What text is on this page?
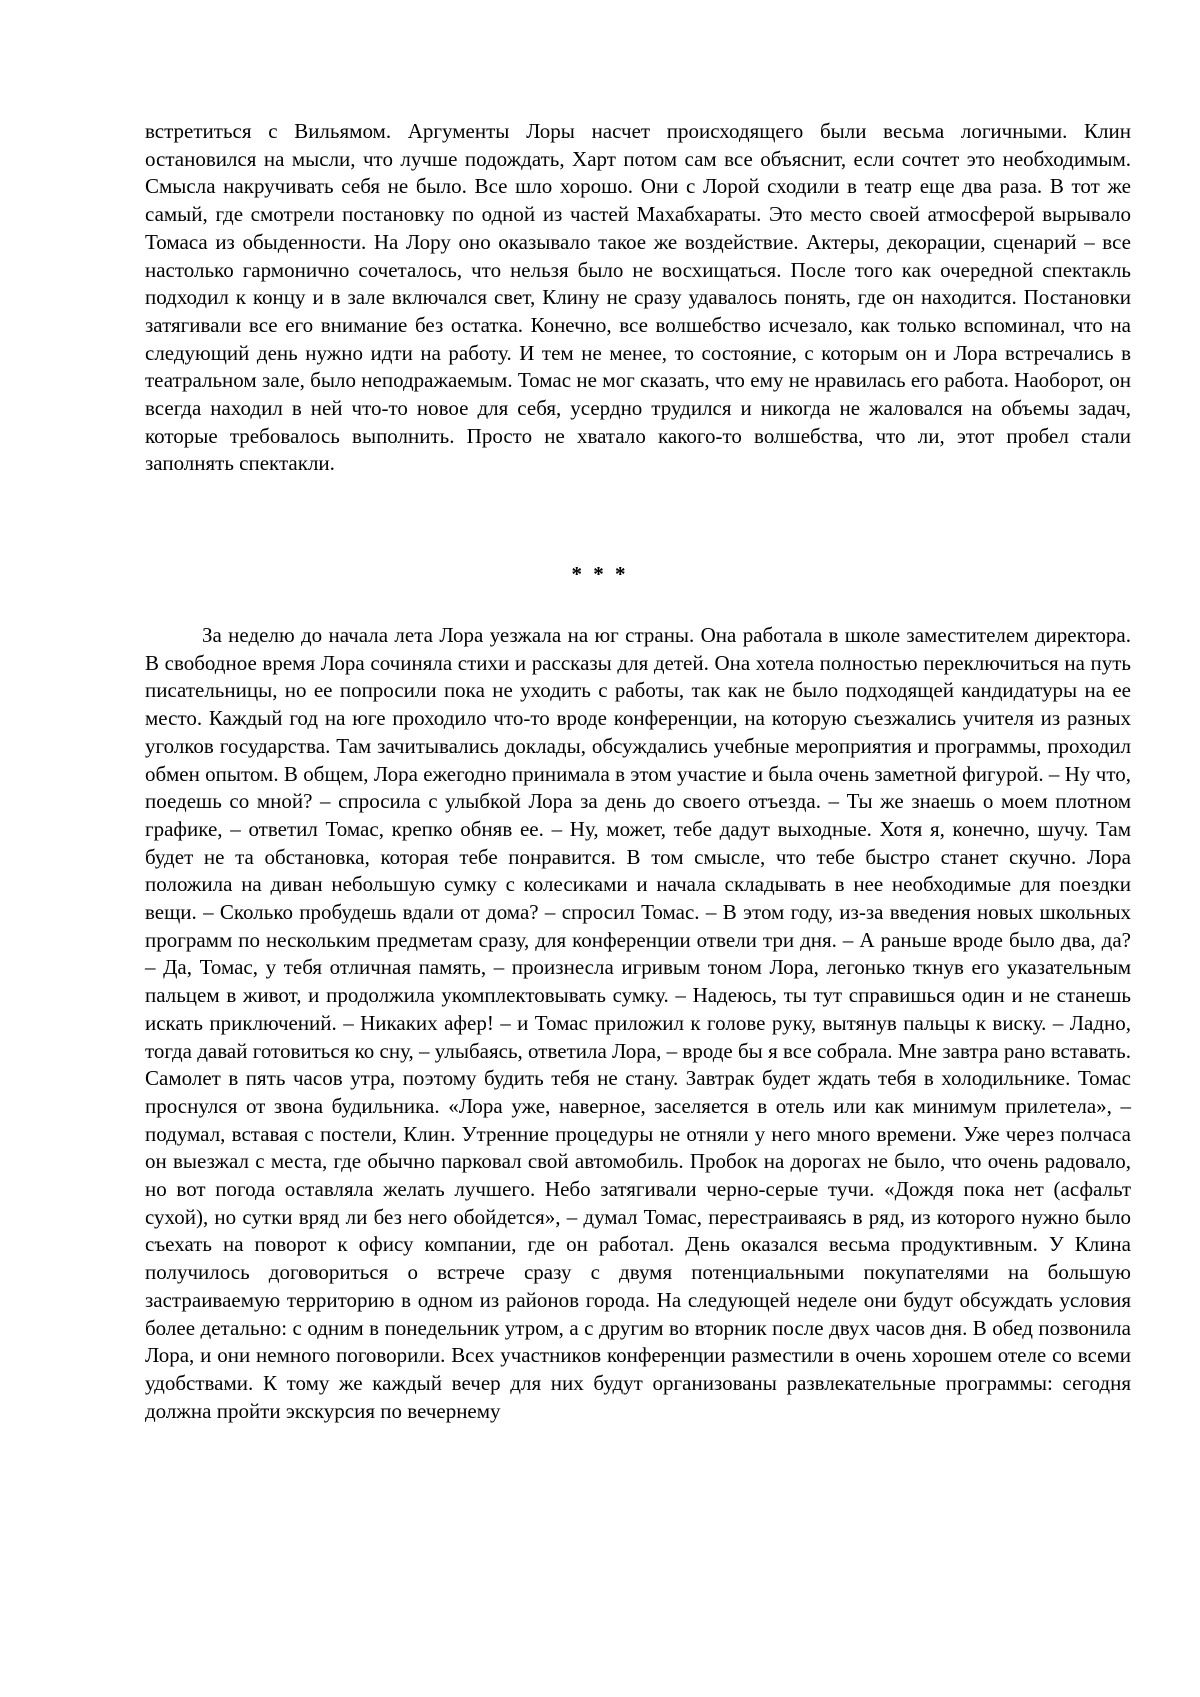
встретиться с Вильямом. Аргументы Лоры насчет происходящего были весьма логичными. Клин остановился на мысли, что лучше подождать, Харт потом сам все объяснит, если сочтет это необходимым. Смысла накручивать себя не было. Все шло хорошо. Они с Лорой сходили в театр еще два раза. В тот же самый, где смотрели постановку по одной из частей Махабхараты. Это место своей атмосферой вырывало Томаса из обыденности. На Лору оно оказывало такое же воздействие. Актеры, декорации, сценарий – все настолько гармонично сочеталось, что нельзя было не восхищаться. После того как очередной спектакль подходил к концу и в зале включался свет, Клину не сразу удавалось понять, где он находится. Постановки затягивали все его внимание без остатка. Конечно, все волшебство исчезало, как только вспоминал, что на следующий день нужно идти на работу. И тем не менее, то состояние, с которым он и Лора встречались в театральном зале, было неподражаемым. Томас не мог сказать, что ему не нравилась его работа. Наоборот, он всегда находил в ней что-то новое для себя, усердно трудился и никогда не жаловался на объемы задач, которые требовалось выполнить. Просто не хватало какого-то волшебства, что ли, этот пробел стали заполнять спектакли.

* * *

За неделю до начала лета Лора уезжала на юг страны. Она работала в школе заместителем директора. В свободное время Лора сочиняла стихи и рассказы для детей. Она хотела полностью переключиться на путь писательницы, но ее попросили пока не уходить с работы, так как не было подходящей кандидатуры на ее место. Каждый год на юге проходило что-то вроде конференции, на которую съезжались учителя из разных уголков государства. Там зачитывались доклады, обсуждались учебные мероприятия и программы, проходил обмен опытом. В общем, Лора ежегодно принимала в этом участие и была очень заметной фигурой. – Ну что, поедешь со мной? – спросила с улыбкой Лора за день до своего отъезда. – Ты же знаешь о моем плотном графике, – ответил Томас, крепко обняв ее. – Ну, может, тебе дадут выходные. Хотя я, конечно, шучу. Там будет не та обстановка, которая тебе понравится. В том смысле, что тебе быстро станет скучно. Лора положила на диван небольшую сумку с колесиками и начала складывать в нее необходимые для поездки вещи. – Сколько пробудешь вдали от дома? – спросил Томас. – В этом году, из-за введения новых школьных программ по нескольким предметам сразу, для конференции отвели три дня. – А раньше вроде было два, да? – Да, Томас, у тебя отличная память, – произнесла игривым тоном Лора, легонько ткнув его указательным пальцем в живот, и продолжила укомплектовывать сумку. – Надеюсь, ты тут справишься один и не станешь искать приключений. – Никаких афер! – и Томас приложил к голове руку, вытянув пальцы к виску. – Ладно, тогда давай готовиться ко сну, – улыбаясь, ответила Лора, – вроде бы я все собрала. Мне завтра рано вставать. Самолет в пять часов утра, поэтому будить тебя не стану. Завтрак будет ждать тебя в холодильнике. Томас проснулся от звона будильника. «Лора уже, наверное, заселяется в отель или как минимум прилетела», – подумал, вставая с постели, Клин. Утренние процедуры не отняли у него много времени. Уже через полчаса он выезжал с места, где обычно парковал свой автомобиль. Пробок на дорогах не было, что очень радовало, но вот погода оставляла желать лучшего. Небо затягивали черно-серые тучи. «Дождя пока нет (асфальт сухой), но сутки вряд ли без него обойдется», – думал Томас, перестраиваясь в ряд, из которого нужно было съехать на поворот к офису компании, где он работал. День оказался весьма продуктивным. У Клина получилось договориться о встрече сразу с двумя потенциальными покупателями на большую застраиваемую территорию в одном из районов города. На следующей неделе они будут обсуждать условия более детально: с одним в понедельник утром, а с другим во вторник после двух часов дня. В обед позвонила Лора, и они немного поговорили. Всех участников конференции разместили в очень хорошем отеле со всеми удобствами. К тому же каждый вечер для них будут организованы развлекательные программы: сегодня должна пройти экскурсия по вечернему
